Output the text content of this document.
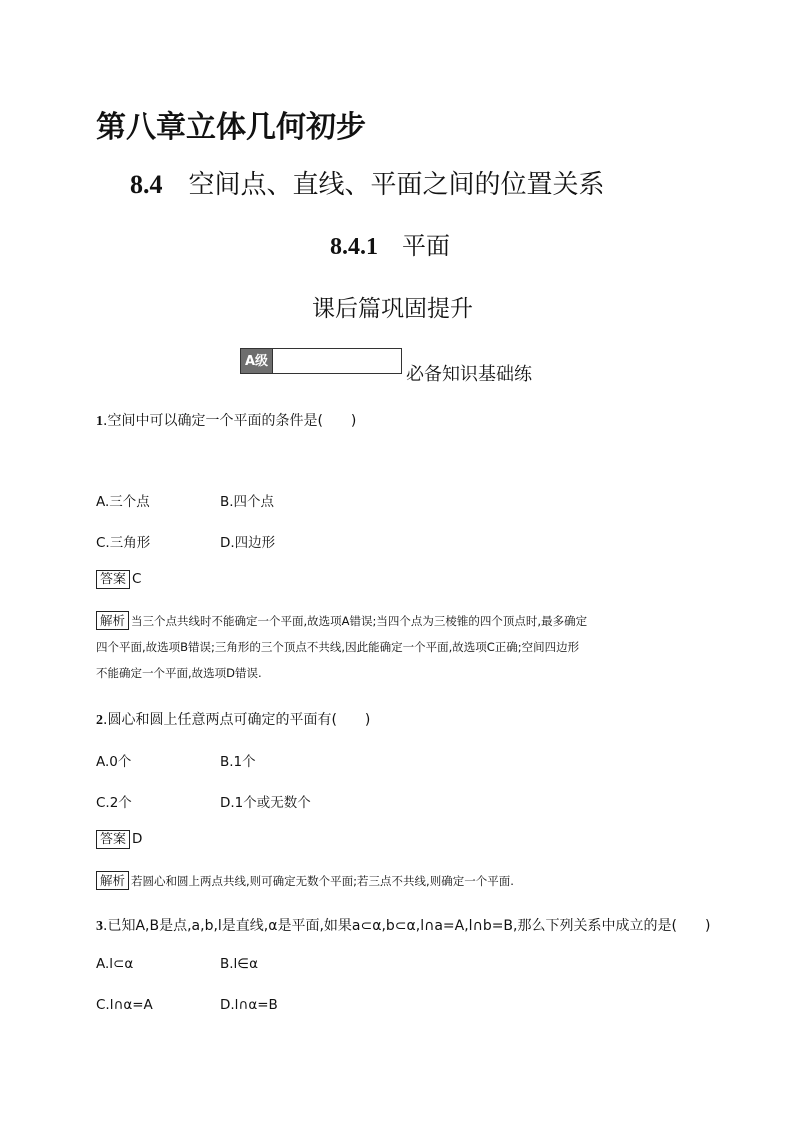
第八章立体几何初步
8.4 空间点、直线、平面之间的位置关系
8.4.1 平面
课后篇巩固提升
A级
必备知识基础练
1.空间中可以确定一个平面的条件是(　　)
A.三个点	B.四个点
C.三角形	D.四边形
答案 C
解析 当三个点共线时不能确定一个平面,故选项A错误;当四个点为三棱锥的四个顶点时,最多确定
四个平面,故选项B错误;三角形的三个顶点不共线,因此能确定一个平面,故选项C正确;空间四边形
不能确定一个平面,故选项D错误.
2.圆心和圆上任意两点可确定的平面有(　　)
A.0个	B.1个
C.2个	D.1个或无数个
答案 D
解析 若圆心和圆上两点共线,则可确定无数个平面;若三点不共线,则确定一个平面.
3.已知A,B是点,a,b,l是直线,α是平面,如果a⊂α,b⊂α,l∩a=A,l∩b=B,那么下列关系中成立的是(　　)
A.l⊂α	B.l∈α
C.l∩α=A	D.l∩α=B
